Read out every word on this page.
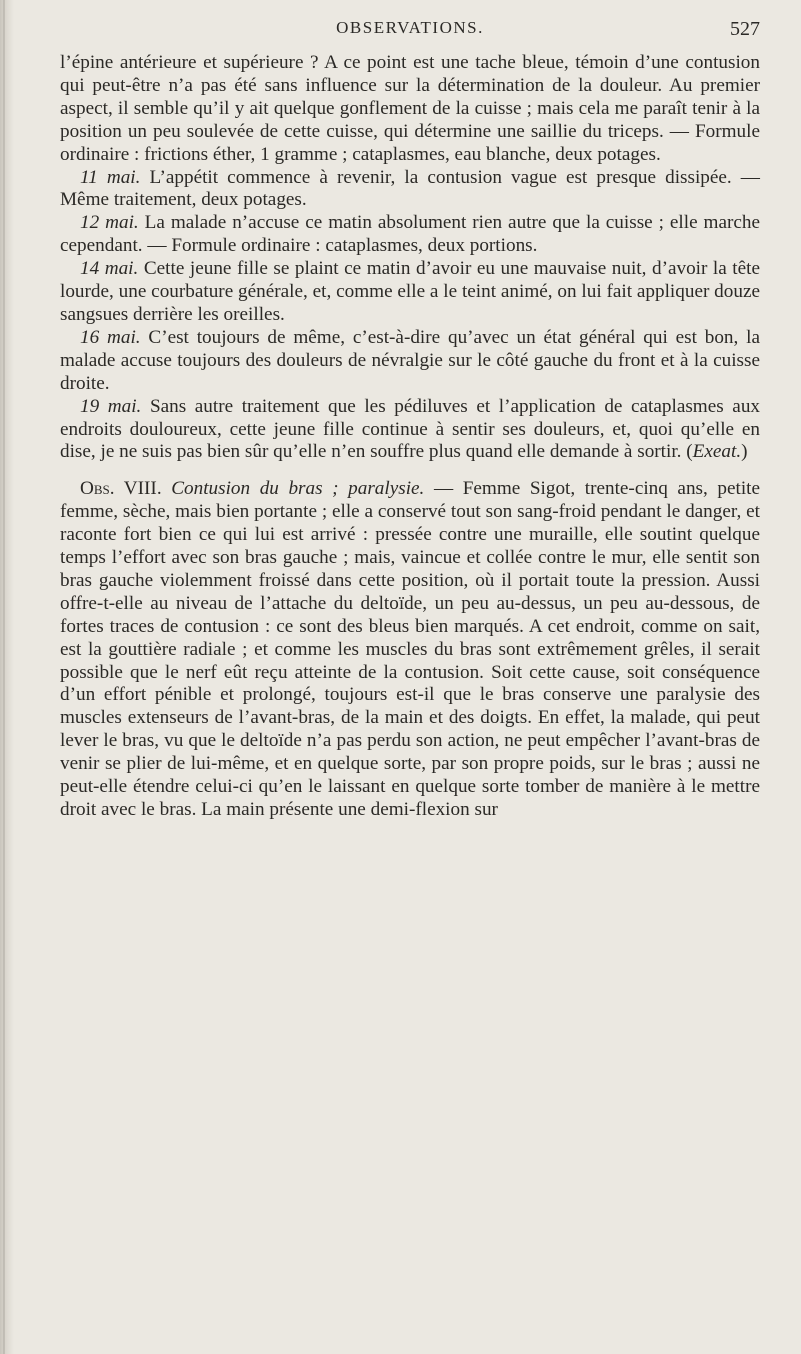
OBSERVATIONS.	527

l’épine antérieure et supérieure ? A ce point est une tache bleue, témoin d’une contusion qui peut-être n’a pas été sans influence sur la détermination de la douleur. Au premier aspect, il semble qu’il y ait quelque gonflement de la cuisse ; mais cela me paraît tenir à la position un peu soulevée de cette cuisse, qui détermine une saillie du triceps. — Formule ordinaire : frictions éther, 1 gramme ; cataplasmes, eau blanche, deux potages.

11 mai. L’appétit commence à revenir, la contusion vague est presque dissipée. — Même traitement, deux potages.

12 mai. La malade n’accuse ce matin absolument rien autre que la cuisse ; elle marche cependant. — Formule ordinaire : cataplasmes, deux portions.

14 mai. Cette jeune fille se plaint ce matin d’avoir eu une mauvaise nuit, d’avoir la tête lourde, une courbature générale, et, comme elle a le teint animé, on lui fait appliquer douze sangsues derrière les oreilles.

16 mai. C’est toujours de même, c’est-à-dire qu’avec un état général qui est bon, la malade accuse toujours des douleurs de névralgie sur le côté gauche du front et à la cuisse droite.

19 mai. Sans autre traitement que les pédiluves et l’application de cataplasmes aux endroits douloureux, cette jeune fille continue à sentir ses douleurs, et, quoi qu’elle en dise, je ne suis pas bien sûr qu’elle n’en souffre plus quand elle demande à sortir. (Exeat.)

Obs. VIII. Contusion du bras ; paralysie. — Femme Sigot, trente-cinq ans, petite femme, sèche, mais bien portante ; elle a conservé tout son sang-froid pendant le danger, et raconte fort bien ce qui lui est arrivé : pressée contre une muraille, elle soutint quelque temps l’effort avec son bras gauche ; mais, vaincue et collée contre le mur, elle sentit son bras gauche violemment froissé dans cette position, où il portait toute la pression. Aussi offre-t-elle au niveau de l’attache du deltoïde, un peu au-dessus, un peu au-dessous, de fortes traces de contusion : ce sont des bleus bien marqués. A cet endroit, comme on sait, est la gouttière radiale ; et comme les muscles du bras sont extrêmement grêles, il serait possible que le nerf eût reçu atteinte de la contusion. Soit cette cause, soit conséquence d’un effort pénible et prolongé, toujours est-il que le bras conserve une paralysie des muscles extenseurs de l’avant-bras, de la main et des doigts. En effet, la malade, qui peut lever le bras, vu que le deltoïde n’a pas perdu son action, ne peut empêcher l’avant-bras de venir se plier de lui-même, et en quelque sorte, par son propre poids, sur le bras ; aussi ne peut-elle étendre celui-ci qu’en le laissant en quelque sorte tomber de manière à le mettre droit avec le bras. La main présente une demi-flexion sur
